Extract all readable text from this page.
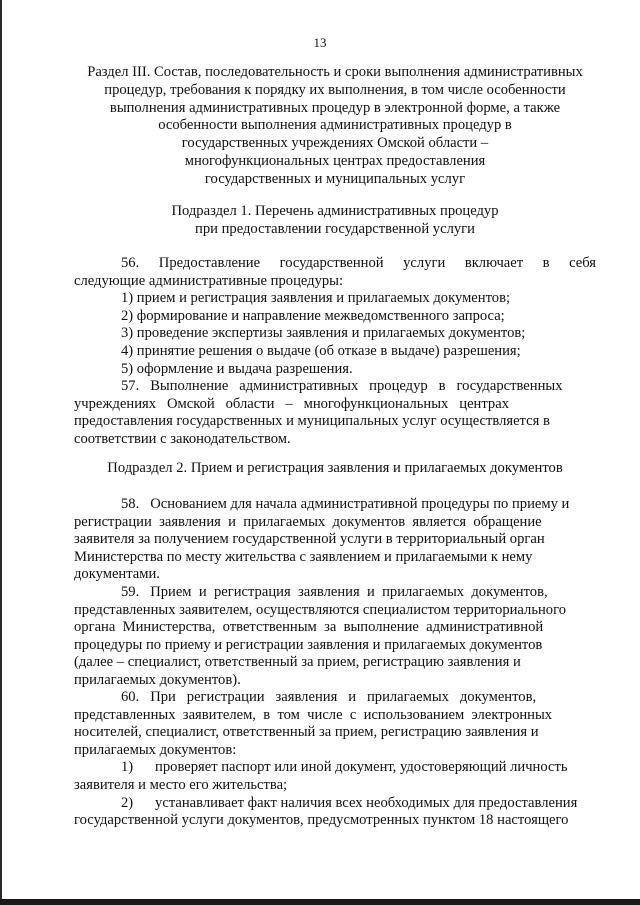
13
Раздел III. Состав, последовательность и сроки выполнения административных
процедур, требования к порядку их выполнения, в том числе особенности
выполнения административных процедур в электронной форме, а также
особенности выполнения административных процедур в
государственных учреждениях Омской области –
многофункциональных центрах предоставления
государственных и муниципальных услуг
Подраздел 1. Перечень административных процедур
при предоставлении государственной услуги
56.   Предоставление   государственной   услуги   включает   в   себя
следующие административные процедуры:
1) прием и регистрация заявления и прилагаемых документов;
2) формирование и направление межведомственного запроса;
3) проведение экспертизы заявления и прилагаемых документов;
4) принятие решения о выдаче (об отказе в выдаче) разрешения;
5) оформление и выдача разрешения.
57.   Выполнение   административных   процедур   в   государственных
учреждениях   Омской   области   –   многофункциональных   центрах
предоставления государственных и муниципальных услуг осуществляется в
соответствии с законодательством.
Подраздел 2. Прием и регистрация заявления и прилагаемых документов
58.   Основанием для начала административной процедуры по приему и
регистрации  заявления  и  прилагаемых  документов  является  обращение
заявителя за получением государственной услуги в территориальный орган
Министерства по месту жительства с заявлением и прилагаемыми к нему
документами.
59.   Прием  и  регистрация  заявления  и  прилагаемых  документов,
представленных заявителем, осуществляются специалистом территориального
органа  Министерства,  ответственным  за  выполнение  административной
процедуры по приему и регистрации заявления и прилагаемых документов
(далее – специалист, ответственный за прием, регистрацию заявления и
прилагаемых документов).
60.   При   регистрации   заявления   и   прилагаемых   документов,
представленных  заявителем,  в  том  числе  с  использованием  электронных
носителей, специалист, ответственный за прием, регистрацию заявления и
прилагаемых документов:
1)      проверяет паспорт или иной документ, удостоверяющий личность
заявителя и место его жительства;
2)      устанавливает факт наличия всех необходимых для предоставления
государственной услуги документов, предусмотренных пунктом 18 настоящего
